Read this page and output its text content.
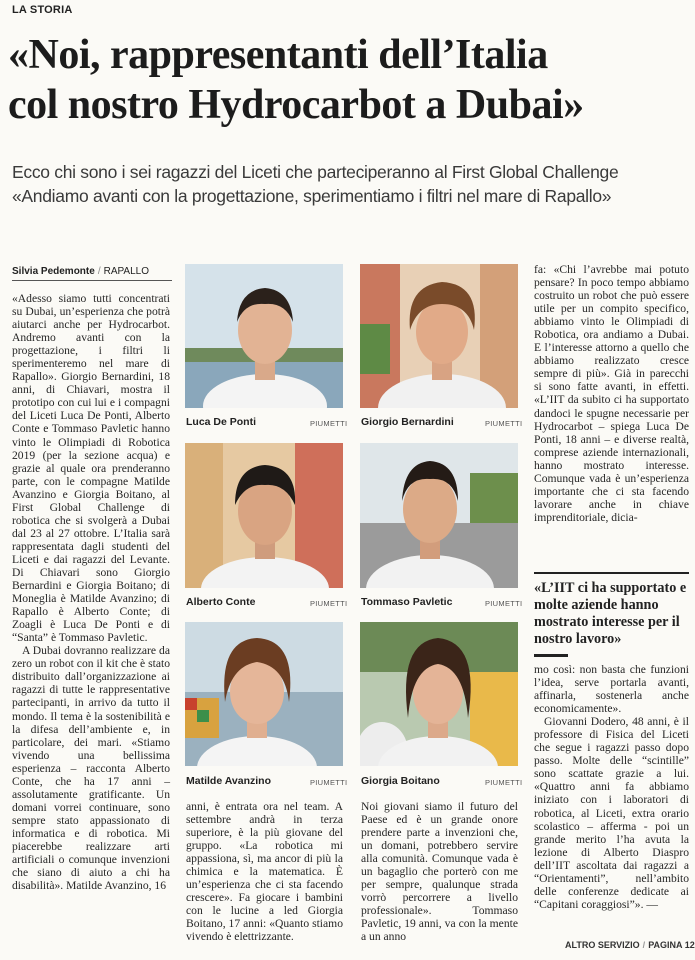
LA STORIA
«Noi, rappresentanti dell’Italia
col nostro Hydrocarbot a Dubai»
Ecco chi sono i sei ragazzi del Liceti che parteciperanno al First Global Challenge
«Andiamo avanti con la progettazione, sperimentiamo i filtri nel mare di Rapallo»
Silvia Pedemonte / RAPALLO

«Adesso siamo tutti concentrati su Dubai, un’esperienza che potrà aiutarci anche per Hydrocarbot. Andremo avanti con la progettazione, i filtri li sperimenteremo nel mare di Rapallo». Giorgio Bernardini, 18 anni, di Chiavari, mostra il prototipo con cui lui e i compagni del Liceti Luca De Ponti, Alberto Conte e Tommaso Pavletic hanno vinto le Olimpiadi di Robotica 2019 (per la sezione acqua) e grazie al quale ora prenderanno parte, con le compagne Matilde Avanzino e Giorgia Boitano, al First Global Challenge di robotica che si svolgerà a Dubai dal 23 al 27 ottobre. L’Italia sarà rappresentata dagli studenti del Liceti e dai ragazzi del Levante. Di Chiavari sono Giorgio Bernardini e Giorgia Boitano; di Moneglia è Matilde Avanzino; di Rapallo è Alberto Conte; di Zoagli è Luca De Ponti e di “Santa” è Tommaso Pavletic.

A Dubai dovranno realizzare da zero un robot con il kit che è stato distribuito dall’organizzazione ai ragazzi di tutte le rappresentative partecipanti, in arrivo da tutto il mondo. Il tema è la sostenibilità e la difesa dell’ambiente e, in particolare, dei mari. «Stiamo vivendo una bellissima esperienza – racconta Alberto Conte, che ha 17 anni – assolutamente gratificante. Un domani vorrei continuare, sono sempre stato appassionato di informatica e di robotica. Mi piacerebbe realizzare arti artificiali o comunque invenzioni che siano di aiuto a chi ha disabilità». Matilde Avanzino, 16

Luca De Ponti	PIUMETTI Giorgio Bernardini	PIUMETTI
Alberto Conte	PIUMETTI Tommaso Pavletic	PIUMETTI
Matilde Avanzino	PIUMETTI Giorgia Boitano	PIUMETTI

anni, è entrata ora nel team. A settembre andrà in terza superiore, è la più giovane del gruppo. «La robotica mi appassiona, sì, ma ancor di più la chimica e la matematica. È un’esperienza che ci sta facendo crescere». Fa giocare i bambini con le lucine a led Giorgia Boitano, 17 anni: «Quanto stiamo vivendo è elettrizzante.

Noi giovani siamo il futuro del Paese ed è un grande onore prendere parte a invenzioni che, un domani, potrebbero servire alla comunità. Comunque vada è un bagaglio che porterò con me per sempre, qualunque strada vorrò percorrere a livello professionale». Tommaso Pavletic, 19 anni, va con la mente a un anno

fa: «Chi l’avrebbe mai potuto pensare? In poco tempo abbiamo costruito un robot che può essere utile per un compito specifico, abbiamo vinto le Olimpiadi di Robotica, ora andiamo a Dubai. E l’interesse attorno a quello che abbiamo realizzato cresce sempre di più». Già in parecchi si sono fatte avanti, in effetti. «L’IIT da subito ci ha supportato dandoci le spugne necessarie per Hydrocarbot – spiega Luca De Ponti, 18 anni – e diverse realtà, comprese aziende internazionali, hanno mostrato interesse. Comunque vada è un’esperienza importante che ci sta facendo lavorare anche in chiave imprenditoriale, dicia-

«L’IIT ci ha supportato e molte aziende hanno mostrato interesse per il nostro lavoro»

mo così: non basta che funzioni l’idea, serve portarla avanti, affinarla, sostenerla anche economicamente».

Giovanni Dodero, 48 anni, è il professore di Fisica del Liceti che segue i ragazzi passo dopo passo. Molte delle “scintille” sono scattate grazie a lui. «Quattro anni fa abbiamo iniziato con i laboratori di robotica, al Liceti, extra orario scolastico – afferma - poi un grande merito l’ha avuta la lezione di Alberto Diaspro dell’IIT ascoltata dai ragazzi a “Orientamenti”, nell’ambito delle conferenze dedicate ai “Capitani coraggiosi”». —

ALTRO SERVIZIO / PAGINA 12
